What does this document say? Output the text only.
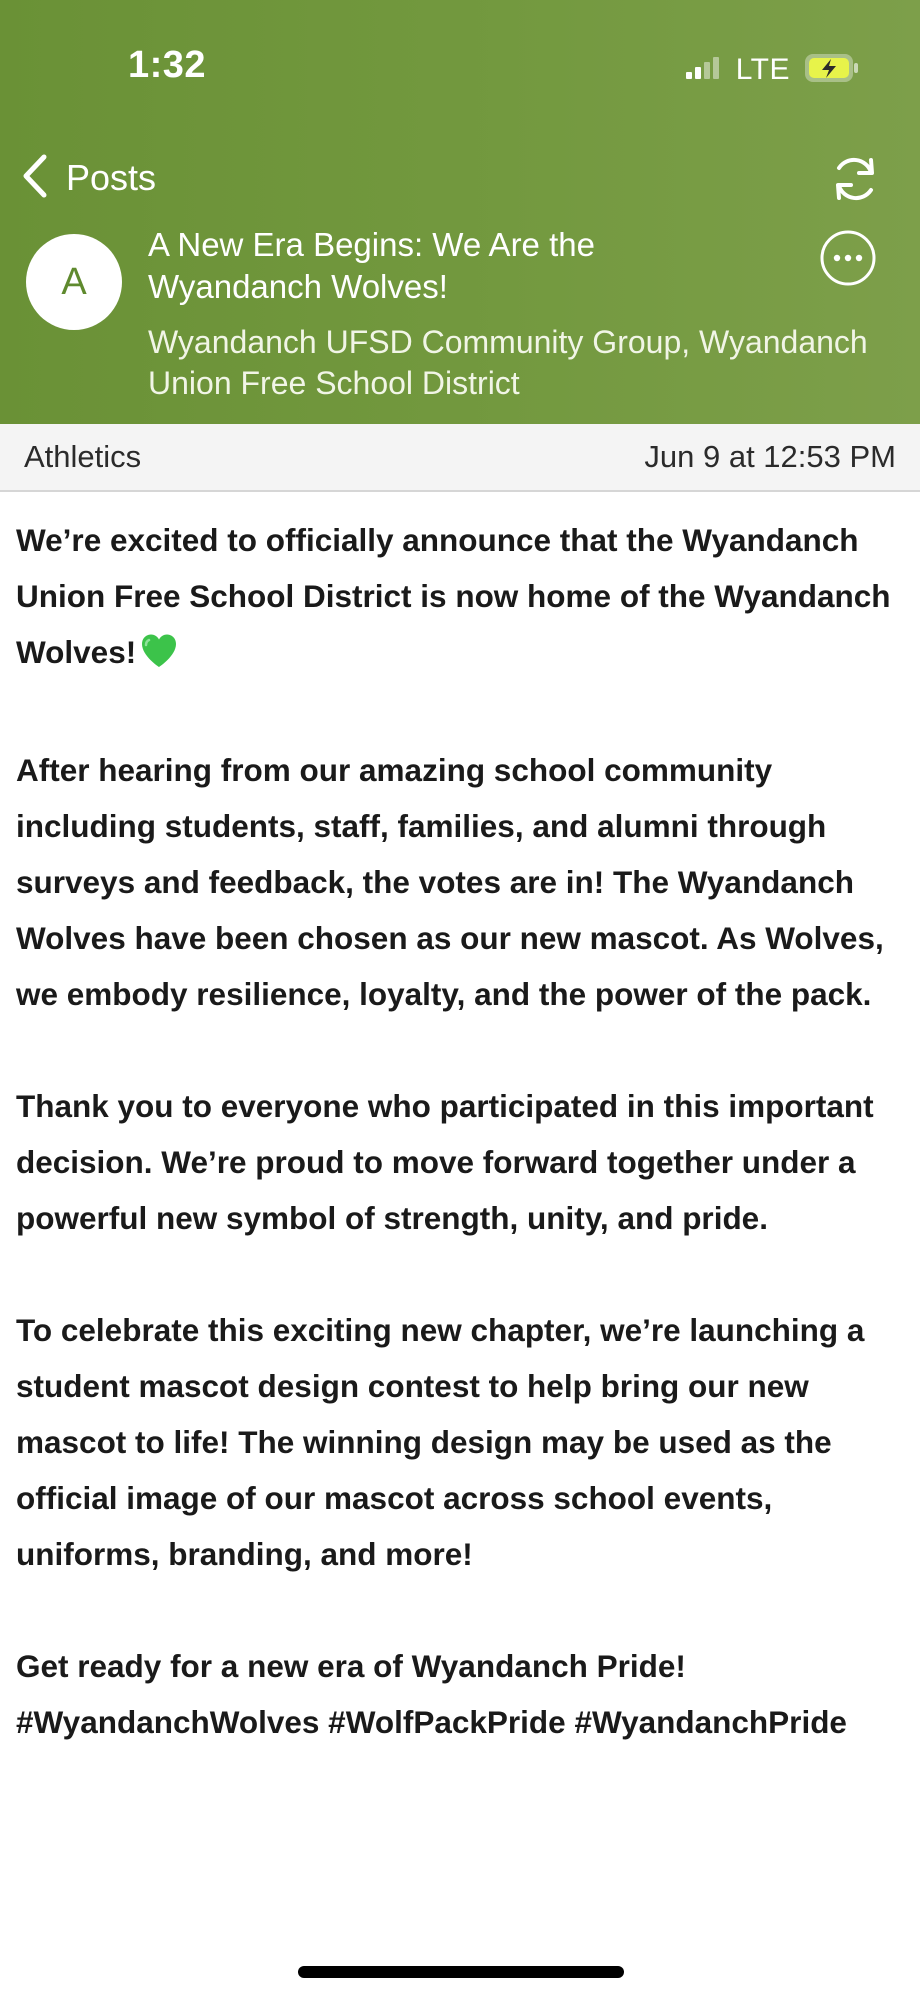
1:32	LTE
Posts
A
A New Era Begins: We Are the Wyandanch Wolves!
Wyandanch UFSD Community Group, Wyandanch Union Free School District
Athletics	Jun 9 at 12:53 PM

We’re excited to officially announce that the Wyandanch Union Free School District is now home of the Wyandanch Wolves!

After hearing from our amazing school community including students, staff, families, and alumni through surveys and feedback, the votes are in! The Wyandanch Wolves have been chosen as our new mascot. As Wolves, we embody resilience, loyalty, and the power of the pack.

Thank you to everyone who participated in this important decision. We’re proud to move forward together under a powerful new symbol of strength, unity, and pride.

To celebrate this exciting new chapter, we’re launching a student mascot design contest to help bring our new mascot to life! The winning design may be used as the official image of our mascot across school events, uniforms, branding, and more!

Get ready for a new era of Wyandanch Pride!
#WyandanchWolves #WolfPackPride #WyandanchPride
